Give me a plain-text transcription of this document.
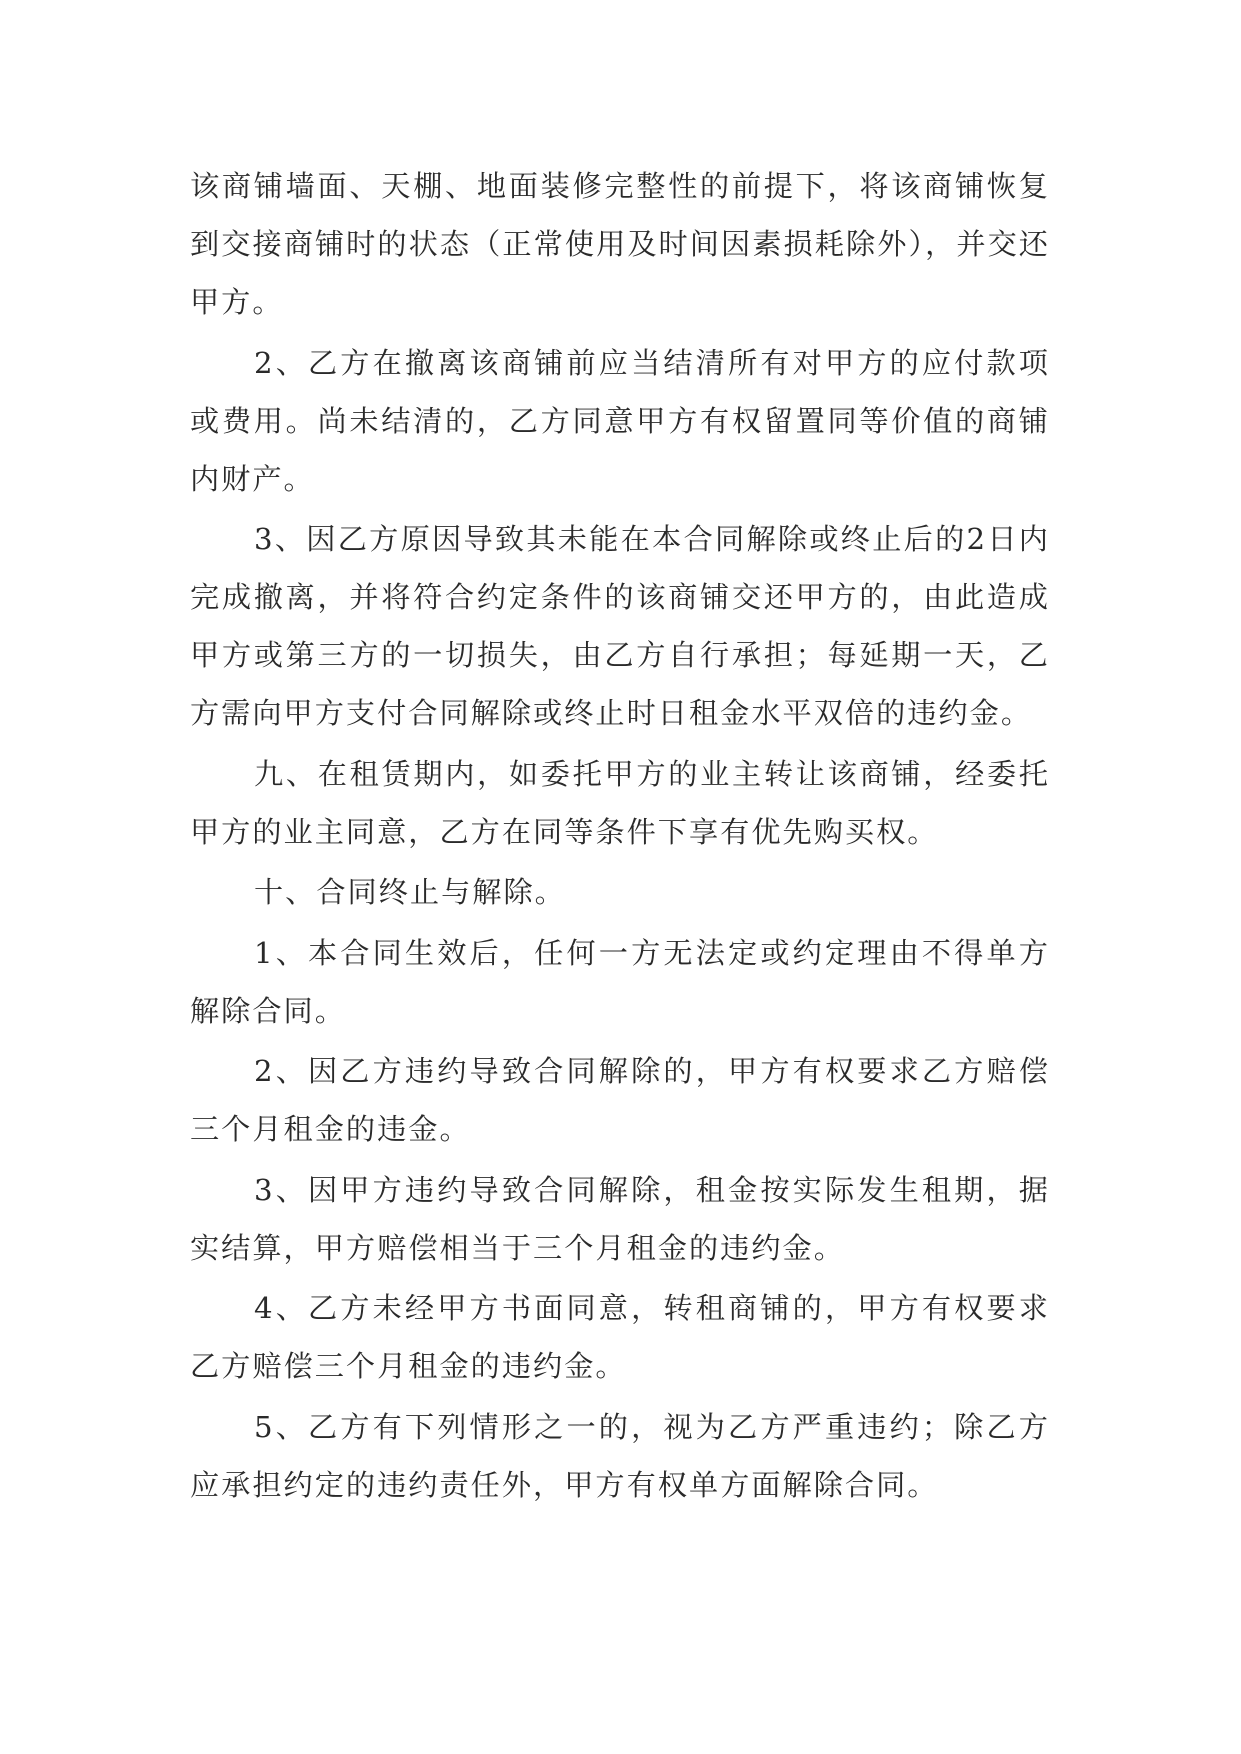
该商铺墙面、天棚、地面装修完整性的前提下，将该商铺恢复到交接商铺时的状态（正常使用及时间因素损耗除外），并交还甲方。

2、乙方在撤离该商铺前应当结清所有对甲方的应付款项或费用。尚未结清的，乙方同意甲方有权留置同等价值的商铺内财产。

3、因乙方原因导致其未能在本合同解除或终止后的2日内完成撤离，并将符合约定条件的该商铺交还甲方的，由此造成甲方或第三方的一切损失，由乙方自行承担；每延期一天，乙方需向甲方支付合同解除或终止时日租金水平双倍的违约金。

九、在租赁期内，如委托甲方的业主转让该商铺，经委托甲方的业主同意，乙方在同等条件下享有优先购买权。

十、合同终止与解除。

1、本合同生效后，任何一方无法定或约定理由不得单方解除合同。

2、因乙方违约导致合同解除的，甲方有权要求乙方赔偿三个月租金的违金。

3、因甲方违约导致合同解除，租金按实际发生租期，据实结算，甲方赔偿相当于三个月租金的违约金。

4、乙方未经甲方书面同意，转租商铺的，甲方有权要求乙方赔偿三个月租金的违约金。

5、乙方有下列情形之一的，视为乙方严重违约；除乙方应承担约定的违约责任外，甲方有权单方面解除合同。
